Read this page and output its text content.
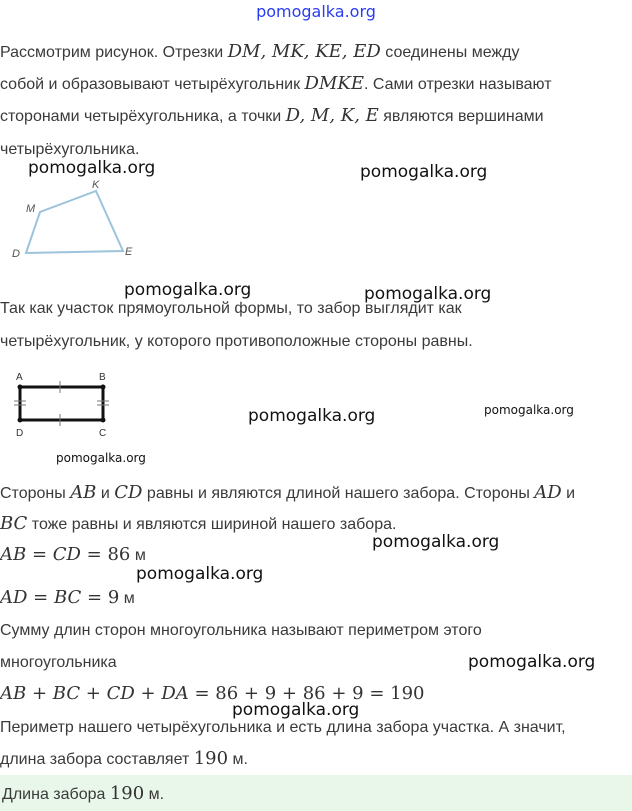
pomogalka.org
Рассмотрим рисунок. Отрезки DM, MK, KE, ED соединены между
собой и образовывают четырёхугольник DMKE. Сами отрезки называют
сторонами четырёхугольника, а точки D, M, K, E являются вершинами
четырёхугольника.
pomogalka.org	pomogalka.org
M
K
D	E
pomogalka.org	pomogalka.org
Так как участок прямоугольной формы, то забор выглядит как
четырёхугольник, у которого противоположные стороны равны.
A	B
D	C
pomogalka.org	pomogalka.org
pomogalka.org
Стороны AB и CD равны и являются длиной нашего забора. Стороны AD и
BC тоже равны и являются шириной нашего забора.
AB = CD = 86 м
pomogalka.org
pomogalka.org
AD = BC = 9 м
Сумму длин сторон многоугольника называют периметром этого
многоугольника	pomogalka.org
AB + BC + CD + DA = 86 + 9 + 86 + 9 = 190
pomogalka.org
Периметр нашего четырёхугольника и есть длина забора участка. А значит,
длина забора составляет 190 м.
Длина забора 190 м.
